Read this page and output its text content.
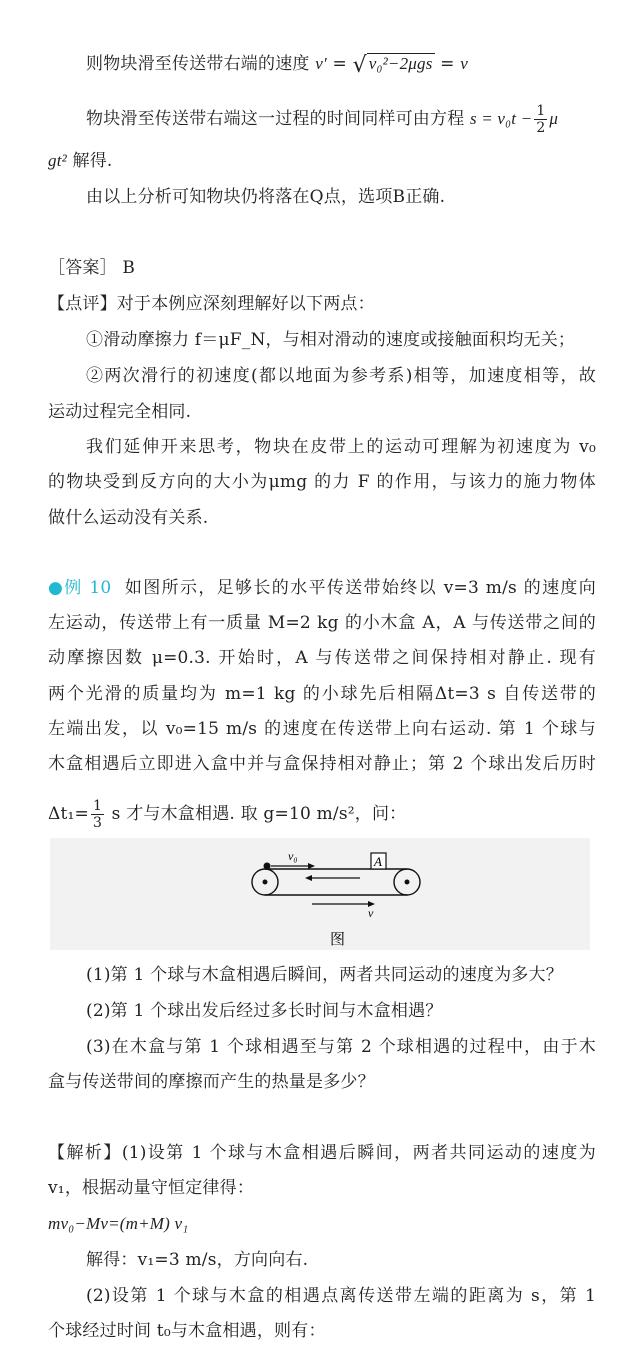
则物块滑至传送带右端的速度 v′ = √ v₀²−2μgs = v
物块滑至传送带右端这一过程的时间同样可由方程 $s = v_0t - \frac{1}{2}$ μ
gt² 解得.
由以上分析可知物块仍将落在Q点，选项B正确.
［答案］ B
【点评】对于本例应深刻理解好以下两点：
①滑动摩擦力 f＝μF_N，与相对滑动的速度或接触面积均无关；
②两次滑行的初速度(都以地面为参考系)相等，加速度相等，故
运动过程完全相同.
我们延伸开来思考，物块在皮带上的运动可理解为初速度为 v₀
的物块受到反方向的大小为μmg 的力 F 的作用，与该力的施力物体
做什么运动没有关系.
●例 10 如图所示，足够长的水平传送带始终以 v=3 m/s 的速度向
左运动，传送带上有一质量 M=2 kg 的小木盒 A，A 与传送带之间的
动摩擦因数 μ=0.3. 开始时，A 与传送带之间保持相对静止. 现有
两个光滑的质量均为 m=1 kg 的小球先后相隔Δt=3 s 自传送带的
左端出发，以 v₀=15 m/s 的速度在传送带上向右运动. 第 1 个球与
木盒相遇后立即进入盒中并与盒保持相对静止；第 2 个球出发后历时
$\Delta t_1= \frac{1}{3}$ s 才与木盒相遇. 取 g=10 m/s²，问：
v₀	A
v
图
(1)第 1 个球与木盒相遇后瞬间，两者共同运动的速度为多大？
(2)第 1 个球出发后经过多长时间与木盒相遇？
(3)在木盒与第 1 个球相遇至与第 2 个球相遇的过程中，由于木
盒与传送带间的摩擦而产生的热量是多少？
【解析】(1)设第 1 个球与木盒相遇后瞬间，两者共同运动的速度为
v₁，根据动量守恒定律得：
mv₀−Mv=(m+M) v₁
解得：v₁=3 m/s，方向向右.
(2)设第 1 个球与木盒的相遇点离传送带左端的距离为 s，第 1
个球经过时间 t₀与木盒相遇，则有：
